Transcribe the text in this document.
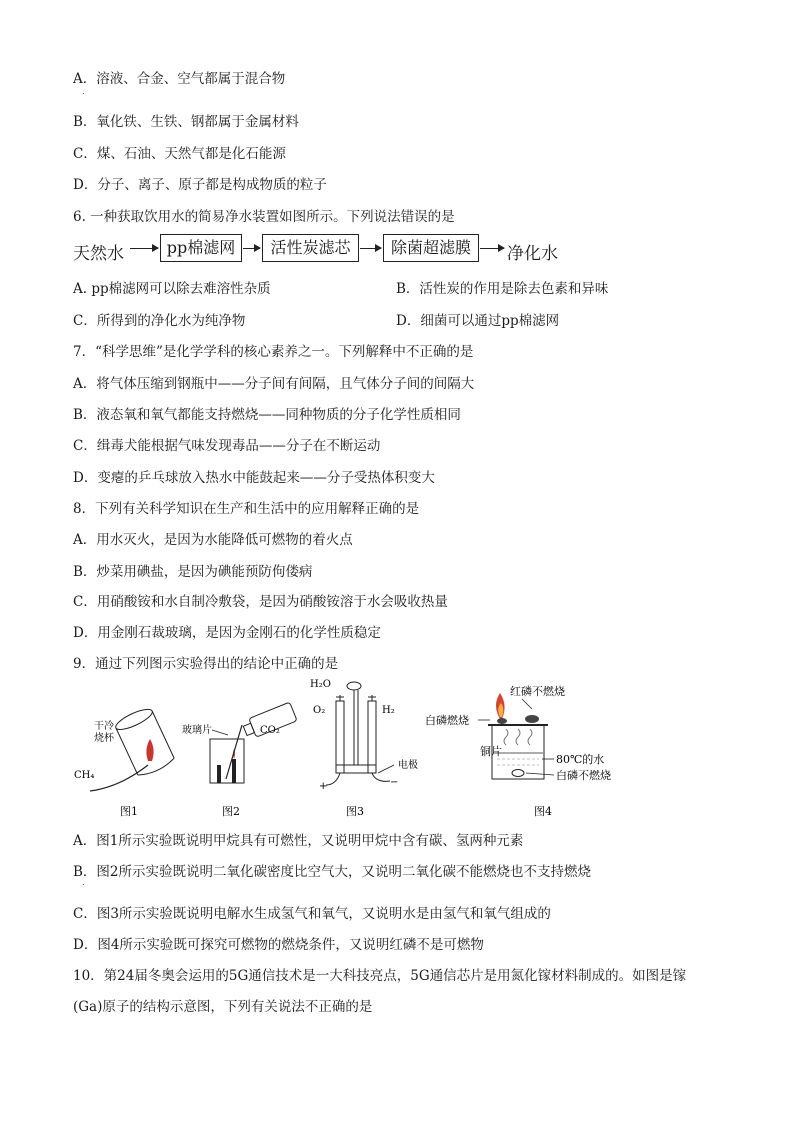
A．溶液、合金、空气都属于混合物
.
B．氧化铁、生铁、钢都属于金属材料
C．煤、石油、天然气都是化石能源
D．分子、离子、原子都是构成物质的粒子
6. 一种获取饮用水的简易净水装置如图所示。下列说法错误的是
天然水	pp棉滤网	活性炭滤芯	除菌超滤膜	净化水
A. pp棉滤网可以除去难溶性杂质	B．活性炭的作用是除去色素和异味
C．所得到的净化水为纯净物	D．细菌可以通过pp棉滤网
7．“科学思维”是化学学科的核心素养之一。下列解释中不正确的是
A．将气体压缩到钢瓶中——分子间有间隔，且气体分子间的间隔大
B．液态氧和氧气都能支持燃烧——同种物质的分子化学性质相同
C．缉毒犬能根据气味发现毒品——分子在不断运动
D．变瘪的乒乓球放入热水中能鼓起来——分子受热体积变大
8．下列有关科学知识在生产和生活中的应用解释正确的是
A．用水灭火，是因为水能降低可燃物的着火点
B．炒菜用碘盐，是因为碘能预防佝偻病
C．用硝酸铵和水自制冷敷袋，是因为硝酸铵溶于水会吸收热量
D．用金刚石裁玻璃，是因为金刚石的化学性质稳定
9．通过下列图示实验得出的结论中正确的是
干冷
烧杯
CH₄
图1
玻璃片	CO₂
图2
H₂O
O₂	H₂
电极
+	−
图3
红磷不燃烧
白磷燃烧
铜片
80℃的水
白磷不燃烧
图4
A．图1所示实验既说明甲烷具有可燃性，又说明甲烷中含有碳、氢两种元素
B．图2所示实验既说明二氧化碳密度比空气大，又说明二氧化碳不能燃烧也不支持燃烧
.
C．图3所示实验既说明电解水生成氢气和氧气，又说明水是由氢气和氧气组成的
D．图4所示实验既可探究可燃物的燃烧条件，又说明红磷不是可燃物
10．第24届冬奥会运用的5G通信技术是一大科技亮点，5G通信芯片是用氮化镓材料制成的。如图是镓
(Ga)原子的结构示意图，下列有关说法不正确的是
